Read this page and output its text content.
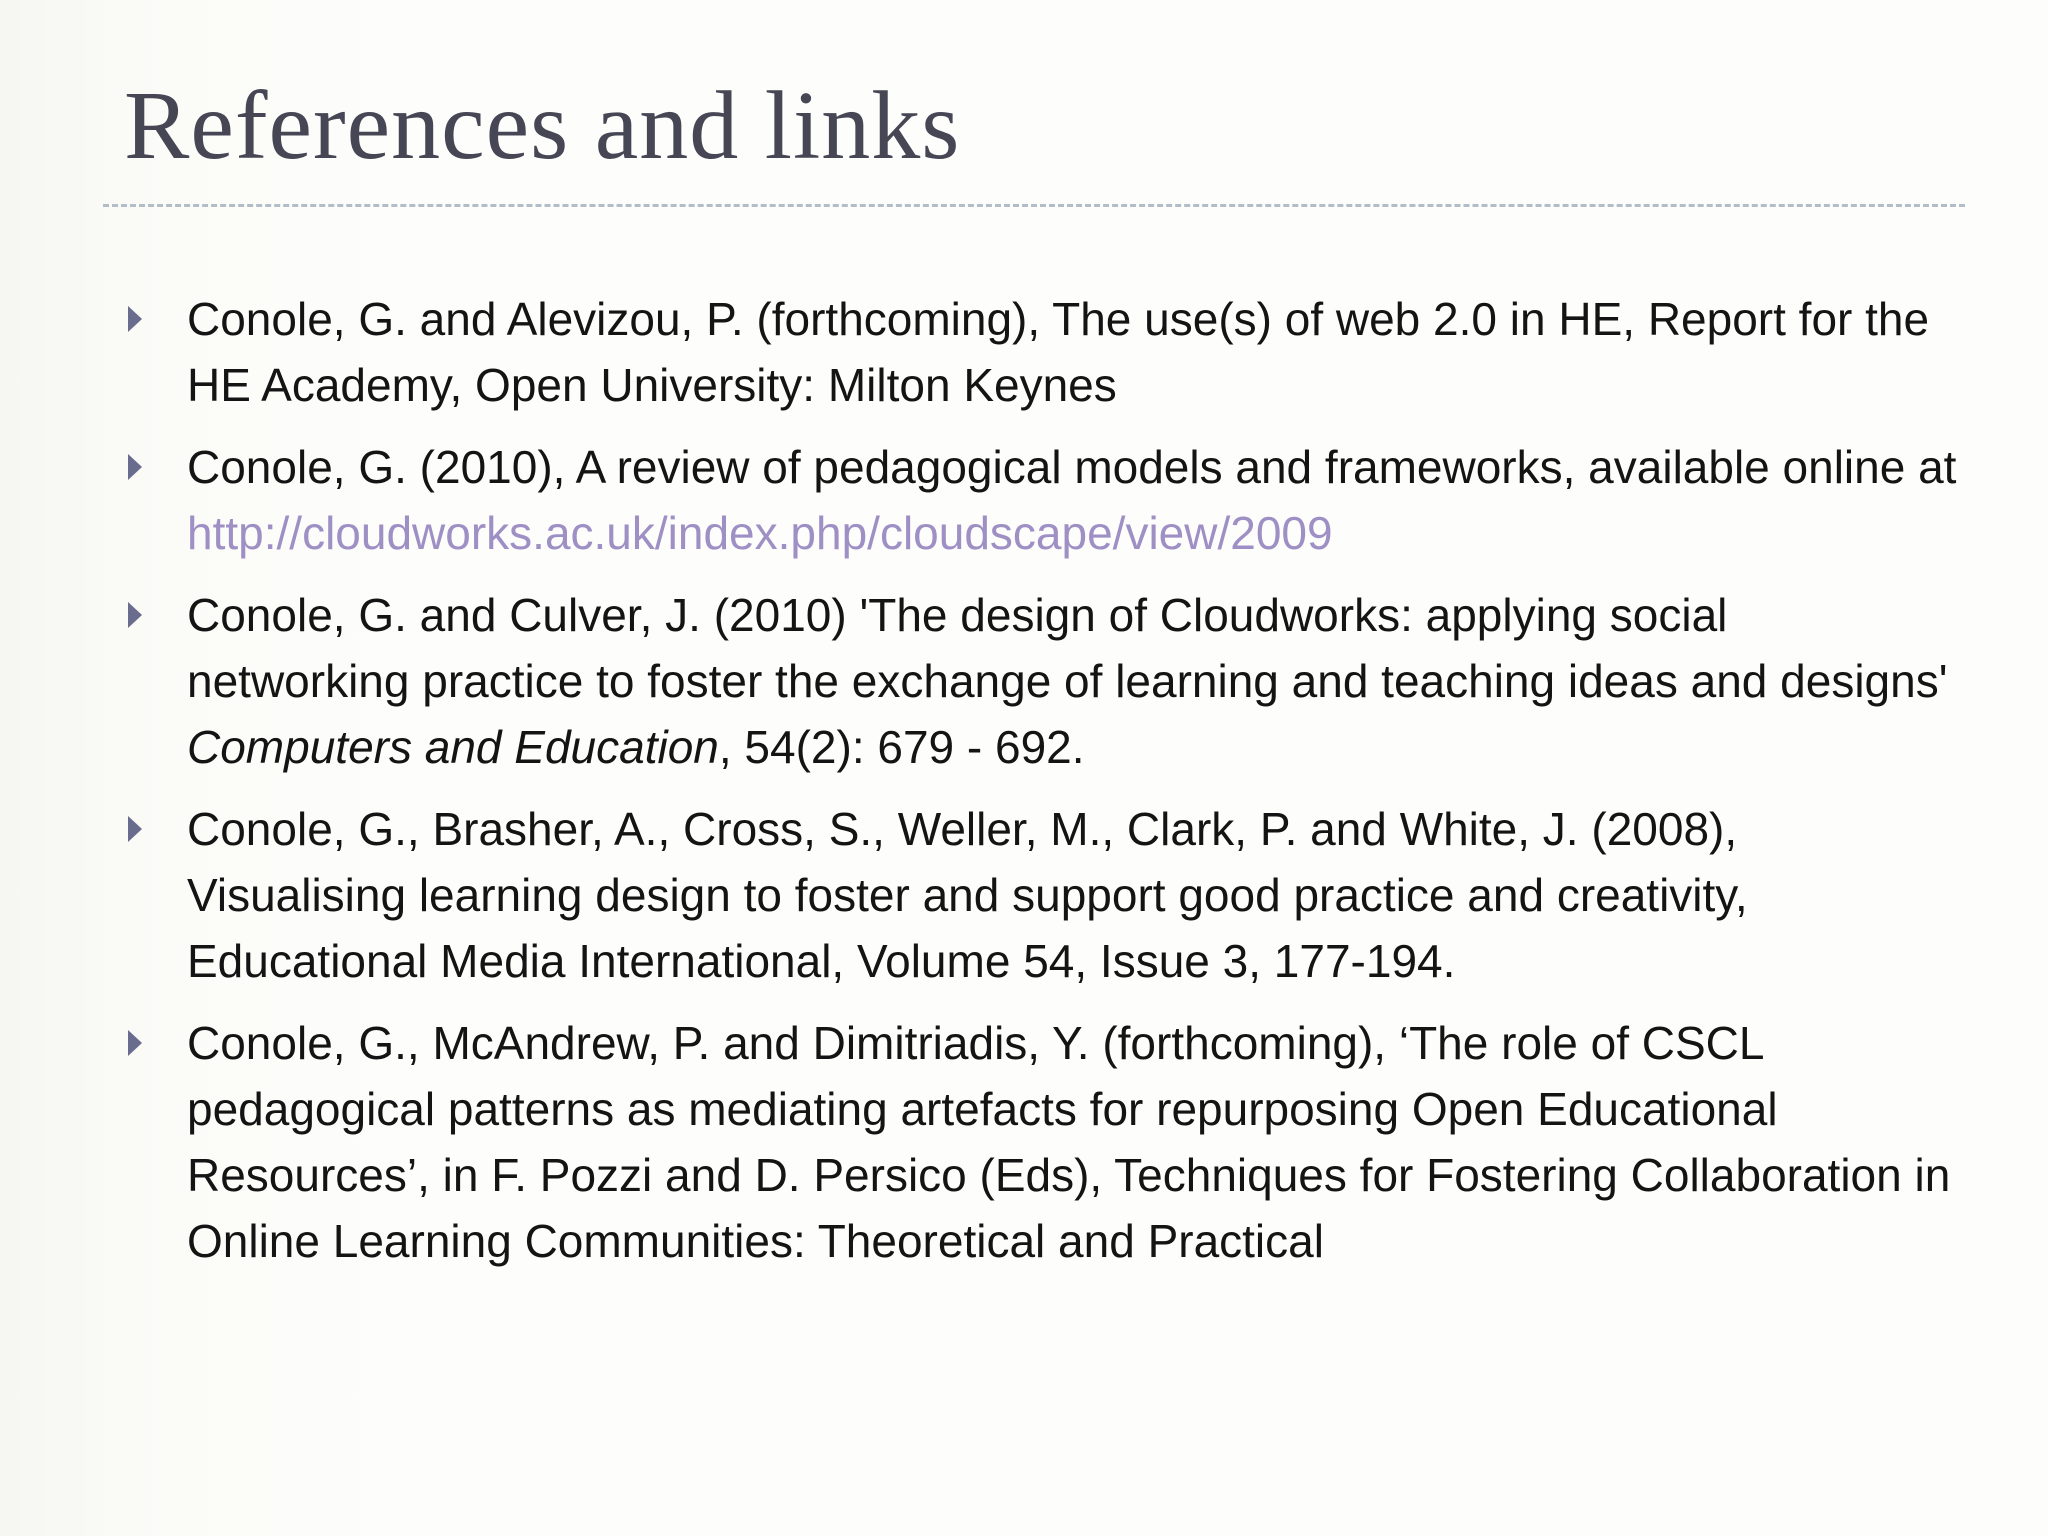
References and links
Conole, G. and Alevizou, P. (forthcoming), The use(s) of web 2.0 in HE, Report for the HE Academy, Open University: Milton Keynes
Conole, G. (2010), A review of pedagogical models and frameworks, available online at http://cloudworks.ac.uk/index.php/cloudscape/view/2009
Conole, G. and Culver, J. (2010) 'The design of Cloudworks: applying social networking practice to foster the exchange of learning and teaching ideas and designs' Computers and Education, 54(2): 679 - 692.
Conole, G., Brasher, A., Cross, S., Weller, M., Clark, P. and White, J. (2008), Visualising learning design to foster and support good practice and creativity, Educational Media International, Volume 54, Issue 3, 177-194.
Conole, G., McAndrew, P. and Dimitriadis, Y. (forthcoming), ‘The role of CSCL pedagogical patterns as mediating artefacts for repurposing Open Educational Resources’, in F. Pozzi and D. Persico (Eds), Techniques for Fostering Collaboration in Online Learning Communities: Theoretical and Practical
